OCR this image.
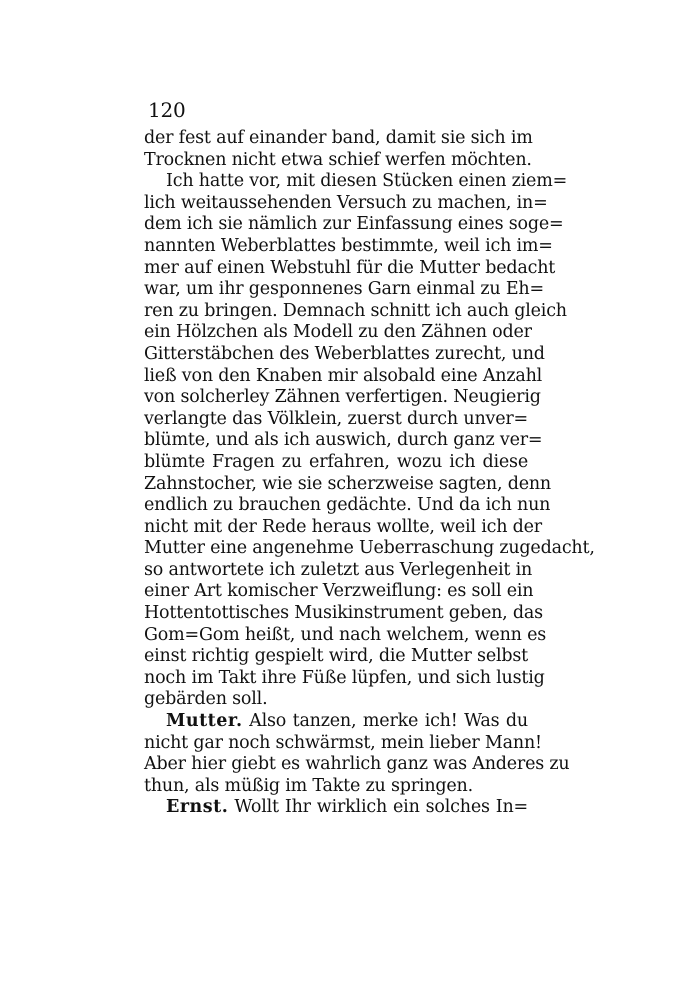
120
der fest auf einander band, damit sie sich im
Trocknen nicht etwa schief werfen möchten.
Ich hatte vor, mit diesen Stücken einen ziem=
lich weitaussehenden Versuch zu machen, in=
dem ich sie nämlich zur Einfassung eines soge=
nannten Weberblattes bestimmte, weil ich im=
mer auf einen Webstuhl für die Mutter bedacht
war, um ihr gesponnenes Garn einmal zu Eh=
ren zu bringen. Demnach schnitt ich auch gleich
ein Hölzchen als Modell zu den Zähnen oder
Gitterstäbchen des Weberblattes zurecht, und
ließ von den Knaben mir alsobald eine Anzahl
von solcherley Zähnen verfertigen. Neugierig
verlangte das Völklein, zuerst durch unver=
blümte, und als ich auswich, durch ganz ver=
blümte Fragen zu erfahren, wozu ich diese
Zahnstocher, wie sie scherzweise sagten, denn
endlich zu brauchen gedächte. Und da ich nun
nicht mit der Rede heraus wollte, weil ich der
Mutter eine angenehme Ueberraschung zugedacht,
so antwortete ich zuletzt aus Verlegenheit in
einer Art komischer Verzweiflung: es soll ein
Hottentottisches Musikinstrument geben, das
Gom=Gom heißt, und nach welchem, wenn es
einst richtig gespielt wird, die Mutter selbst
noch im Takt ihre Füße lüpfen, und sich lustig
gebärden soll.
Mutter. Also tanzen, merke ich! Was du
nicht gar noch schwärmst, mein lieber Mann!
Aber hier giebt es wahrlich ganz was Anderes zu
thun, als müßig im Takte zu springen.
Ernst. Wollt Ihr wirklich ein solches In=
